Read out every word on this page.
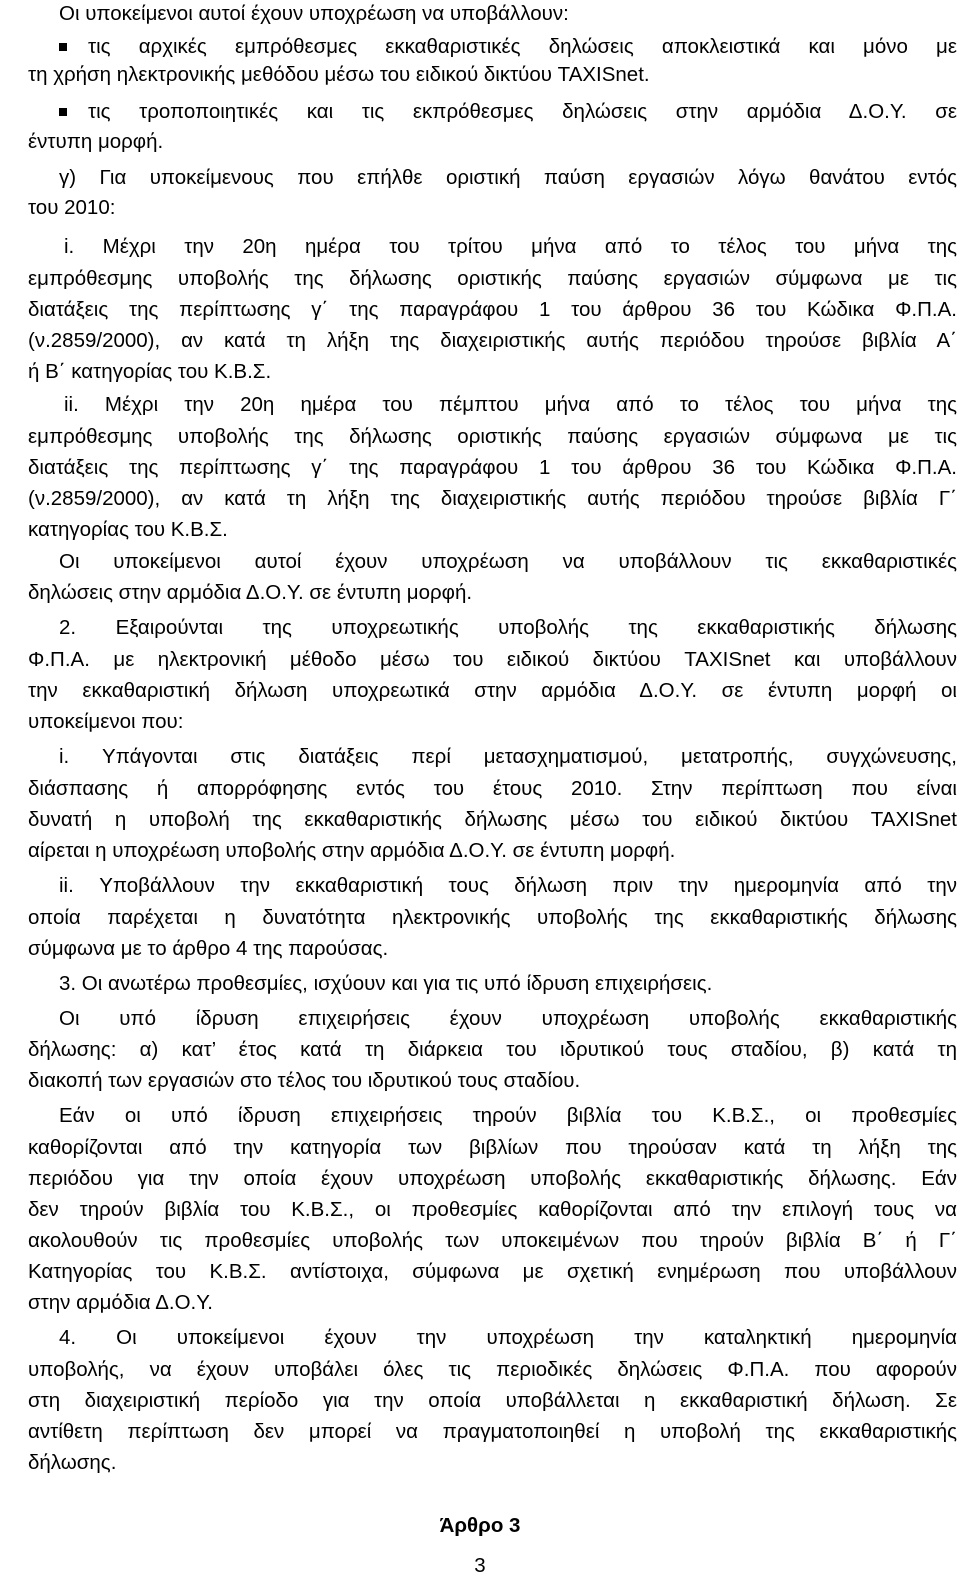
Οι υποκείμενοι αυτοί έχουν υποχρέωση να υποβάλλουν:
τις αρχικές εμπρόθεσμες εκκαθαριστικές δηλώσεις αποκλειστικά και μόνο με
τη χρήση ηλεκτρονικής μεθόδου μέσω του ειδικού δικτύου TAXISnet.
τις τροποποιητικές και τις εκπρόθεσμες δηλώσεις στην αρμόδια Δ.Ο.Υ. σε
έντυπη μορφή.
γ) Για υποκείμενους που επήλθε οριστική παύση εργασιών λόγω θανάτου εντός
του 2010:
i. Μέχρι την 20η ημέρα του τρίτου μήνα από το τέλος του μήνα της
εμπρόθεσμης υποβολής της δήλωσης οριστικής παύσης εργασιών σύμφωνα με τις
διατάξεις της περίπτωσης γ΄ της παραγράφου 1 του άρθρου 36 του Κώδικα Φ.Π.Α.
(ν.2859/2000), αν κατά τη λήξη της διαχειριστικής αυτής περιόδου τηρούσε βιβλία Α΄
ή Β΄ κατηγορίας του Κ.Β.Σ.
ii. Μέχρι την 20η ημέρα του πέμπτου μήνα από το τέλος του μήνα της
εμπρόθεσμης υποβολής της δήλωσης οριστικής παύσης εργασιών σύμφωνα με τις
διατάξεις της περίπτωσης γ΄ της παραγράφου 1 του άρθρου 36 του Κώδικα Φ.Π.Α.
(ν.2859/2000), αν κατά τη λήξη της διαχειριστικής αυτής περιόδου τηρούσε βιβλία Γ΄
κατηγορίας του Κ.Β.Σ.
Οι υποκείμενοι αυτοί έχουν υποχρέωση να υποβάλλουν τις εκκαθαριστικές
δηλώσεις στην αρμόδια Δ.Ο.Υ. σε έντυπη μορφή.
2. Εξαιρούνται της υποχρεωτικής υποβολής της εκκαθαριστικής δήλωσης
Φ.Π.Α. με ηλεκτρονική μέθοδο μέσω του ειδικού δικτύου TAXISnet και υποβάλλουν
την εκκαθαριστική δήλωση υποχρεωτικά στην αρμόδια Δ.Ο.Υ. σε έντυπη μορφή οι
υποκείμενοι που:
i. Υπάγονται στις διατάξεις περί μετασχηματισμού, μετατροπής, συγχώνευσης,
διάσπασης ή απορρόφησης εντός του έτους 2010. Στην περίπτωση που είναι
δυνατή η υποβολή της εκκαθαριστικής δήλωσης μέσω του ειδικού δικτύου TAXISnet
αίρεται η υποχρέωση υποβολής στην αρμόδια Δ.Ο.Υ. σε έντυπη μορφή.
ii. Υποβάλλουν την εκκαθαριστική τους δήλωση πριν την ημερομηνία από την
οποία παρέχεται η δυνατότητα ηλεκτρονικής υποβολής της εκκαθαριστικής δήλωσης
σύμφωνα με το άρθρο 4 της παρούσας.
3. Οι ανωτέρω προθεσμίες, ισχύουν και για τις υπό ίδρυση επιχειρήσεις.
Οι υπό ίδρυση επιχειρήσεις έχουν υποχρέωση υποβολής εκκαθαριστικής
δήλωσης: α) κατ’ έτος κατά τη διάρκεια του ιδρυτικού τους σταδίου, β) κατά τη
διακοπή των εργασιών στο τέλος του ιδρυτικού τους σταδίου.
Εάν οι υπό ίδρυση επιχειρήσεις τηρούν βιβλία του Κ.Β.Σ., οι προθεσμίες
καθορίζονται από την κατηγορία των βιβλίων που τηρούσαν κατά τη λήξη της
περιόδου για την οποία έχουν υποχρέωση υποβολής εκκαθαριστικής δήλωσης. Εάν
δεν τηρούν βιβλία του Κ.Β.Σ., οι προθεσμίες καθορίζονται από την επιλογή τους να
ακολουθούν τις προθεσμίες υποβολής των υποκειμένων που τηρούν βιβλία Β΄ ή Γ΄
Κατηγορίας του Κ.Β.Σ. αντίστοιχα, σύμφωνα με σχετική ενημέρωση που υποβάλλουν
στην αρμόδια Δ.Ο.Υ.
4. Οι υποκείμενοι έχουν την υποχρέωση την καταληκτική ημερομηνία
υποβολής, να έχουν υποβάλει όλες τις περιοδικές δηλώσεις Φ.Π.Α. που αφορούν
στη διαχειριστική περίοδο για την οποία υποβάλλεται η εκκαθαριστική δήλωση. Σε
αντίθετη περίπτωση δεν μπορεί να πραγματοποιηθεί η υποβολή της εκκαθαριστικής
δήλωσης.
Άρθρο 3
3
